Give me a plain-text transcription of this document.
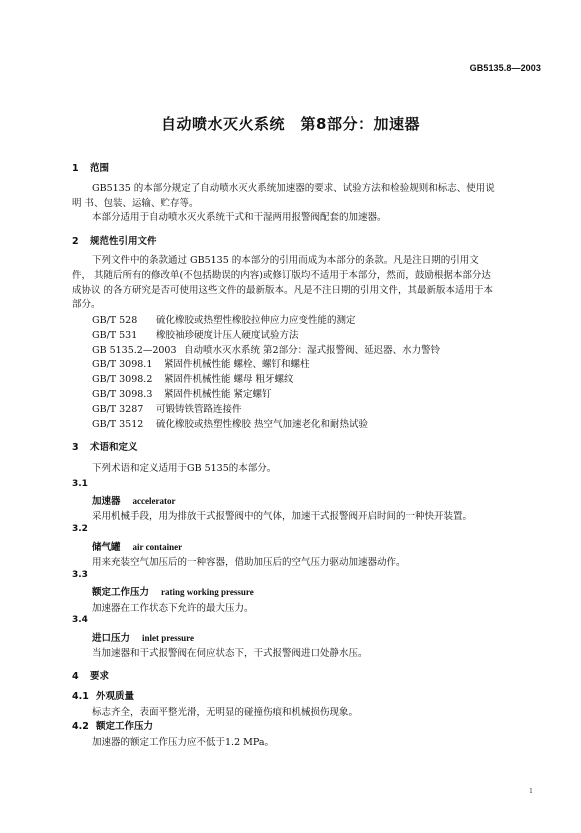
GB5135.8—2003
自动喷水灭火系统　第8部分：加速器
1 范围
GB5135 的本部分规定了自动喷水灭火系统加速器的要求、试验方法和检验规则和标志、使用说
明 书、包装、运输、贮存等。
本部分适用于自动喷水灭火系统干式和干湿两用报警阀配套的加速器。
2 规范性引用文件
下列文件中的条款通过 GB5135 的本部分的引用而成为本部分的条款。凡是注日期的引用文
件， 其随后所有的修改单(不包括勘误的内容)或修订版均不适用于本部分，然而，鼓励根据本部分达
成协议 的各方研究是否可使用这些文件的最新版本。凡是不注日期的引用文件，其最新版本适用于本
部分。
GB/T 528 硫化橡胶或热塑性橡胶拉伸应力应变性能的测定
GB/T 531 橡胶袖珍硬度计压人硬度试验方法
GB 5135.2—2003 自动喷水灭水系统 第2部分：湿式报警阀、延迟器、水力警铃
GB/T 3098.1 紧固件机械性能 螺栓、螺钉和螺柱
GB/T 3098.2 紧固件机械性能 螺母 粗牙螺纹
GB/T 3098.3 紧固件机械性能 紧定螺钉
GB/T 3287 可锻铸铁管路连接件
GB/T 3512 硫化橡胶或热塑性橡胶 热空气加速老化和耐热试验
3 术语和定义
下列术语和定义适用于GB 5135的本部分。
3.1
加速器 accelerator
采用机械手段，用为排放干式报警阀中的气体，加速干式报警阀开启时间的一种快开装置。
3.2
储气罐 air container
用来充装空气加压后的一种容器，借助加压后的空气压力驱动加速器动作。
3.3
额定工作压力 rating working pressure
加速器在工作状态下允许的最大压力。
3.4
进口压力 inlet pressure
当加速器和干式报警阀在伺应状态下，干式报警阀进口处静水压。
4 要求
4.1 外观质量
标志齐全，表面平整光滑，无明显的碰撞伤痕和机械损伤现象。
4.2 额定工作压力
加速器的额定工作压力应不低于1.2 MPa。
1
